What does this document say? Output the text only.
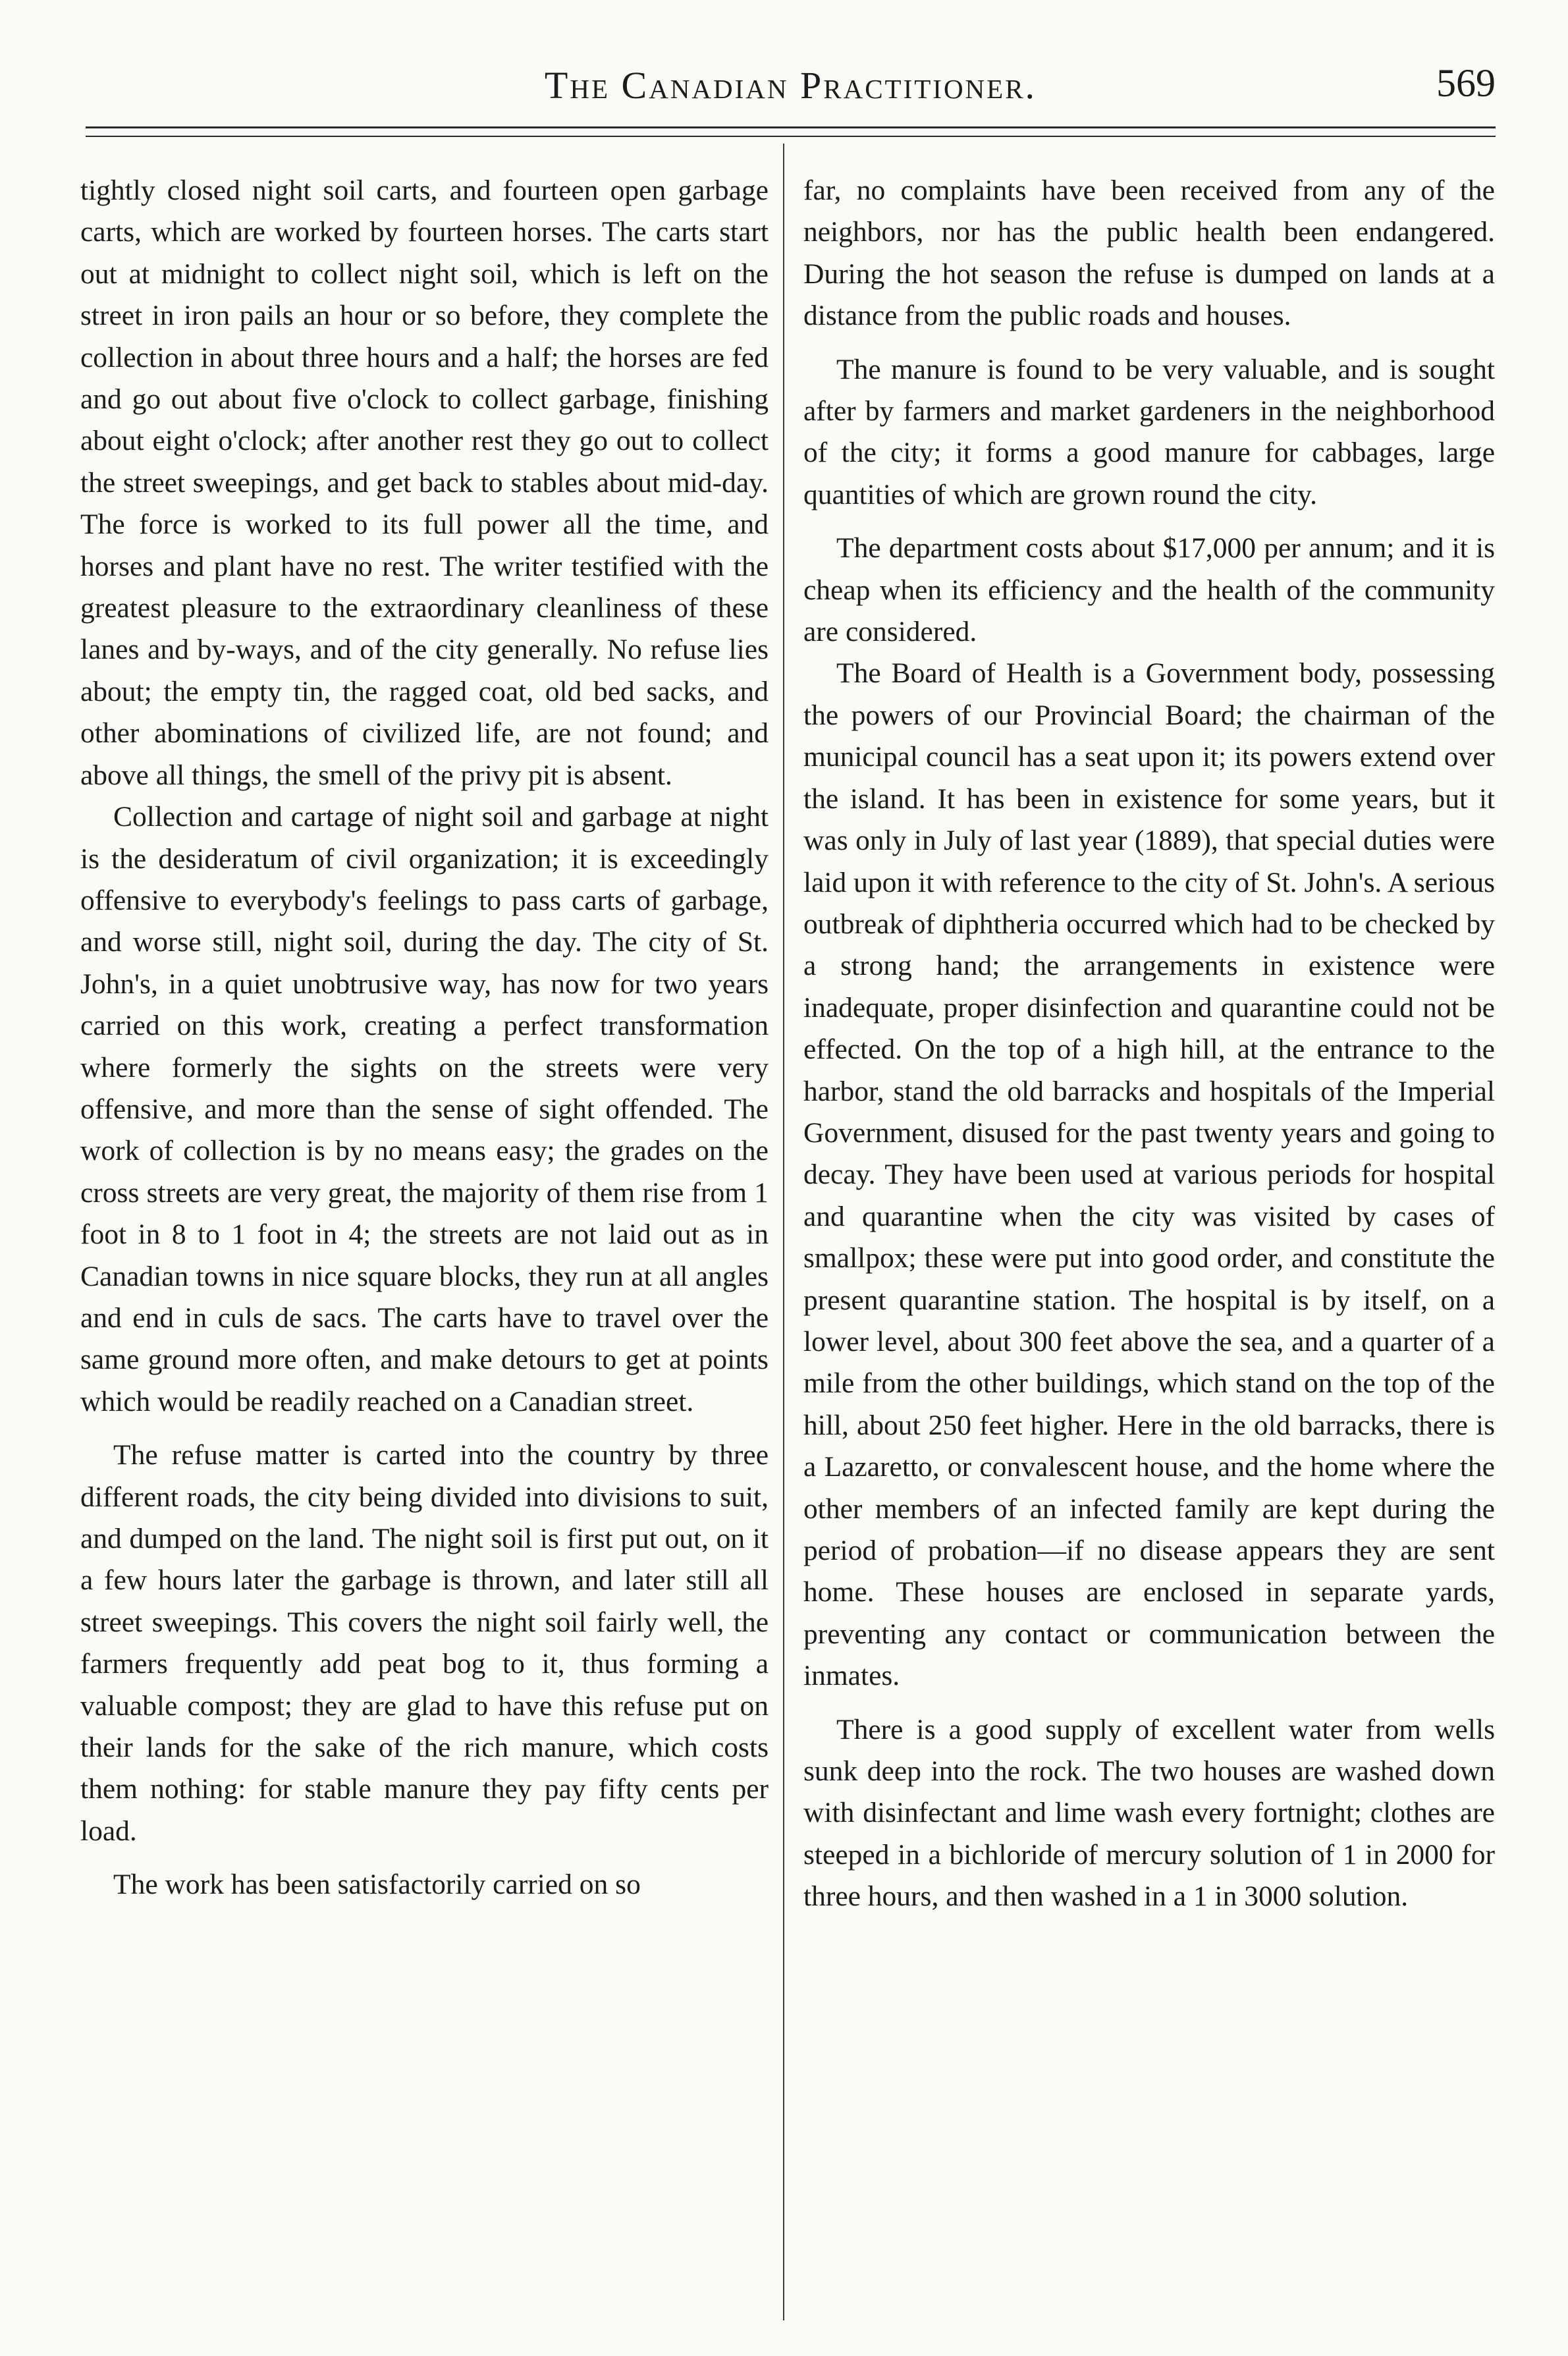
The Canadian Practitioner.	569

tightly closed night soil carts, and fourteen open garbage carts, which are worked by fourteen horses. The carts start out at midnight to collect night soil, which is left on the street in iron pails an hour or so before, they complete the collection in about three hours and a half; the horses are fed and go out about five o'clock to collect garbage, finishing about eight o'clock; after another rest they go out to collect the street sweepings, and get back to stables about mid-day. The force is worked to its full power all the time, and horses and plant have no rest. The writer testified with the greatest pleasure to the extraordinary cleanliness of these lanes and by-ways, and of the city generally. No refuse lies about; the empty tin, the ragged coat, old bed sacks, and other abominations of civilized life, are not found; and above all things, the smell of the privy pit is absent.

Collection and cartage of night soil and garbage at night is the desideratum of civil organization; it is exceedingly offensive to everybody's feelings to pass carts of garbage, and worse still, night soil, during the day. The city of St. John's, in a quiet unobtrusive way, has now for two years carried on this work, creating a perfect transformation where formerly the sights on the streets were very offensive, and more than the sense of sight offended. The work of collection is by no means easy; the grades on the cross streets are very great, the majority of them rise from 1 foot in 8 to 1 foot in 4; the streets are not laid out as in Canadian towns in nice square blocks, they run at all angles and end in culs de sacs. The carts have to travel over the same ground more often, and make detours to get at points which would be readily reached on a Canadian street.

The refuse matter is carted into the country by three different roads, the city being divided into divisions to suit, and dumped on the land. The night soil is first put out, on it a few hours later the garbage is thrown, and later still all street sweepings. This covers the night soil fairly well, the farmers frequently add peat bog to it, thus forming a valuable compost; they are glad to have this refuse put on their lands for the sake of the rich manure, which costs them nothing: for stable manure they pay fifty cents per load.

The work has been satisfactorily carried on so

far, no complaints have been received from any of the neighbors, nor has the public health been endangered. During the hot season the refuse is dumped on lands at a distance from the public roads and houses.

The manure is found to be very valuable, and is sought after by farmers and market gardeners in the neighborhood of the city; it forms a good manure for cabbages, large quantities of which are grown round the city.

The department costs about $17,000 per annum; and it is cheap when its efficiency and the health of the community are considered.

The Board of Health is a Government body, possessing the powers of our Provincial Board; the chairman of the municipal council has a seat upon it; its powers extend over the island. It has been in existence for some years, but it was only in July of last year (1889), that special duties were laid upon it with reference to the city of St. John's. A serious outbreak of diphtheria occurred which had to be checked by a strong hand; the arrangements in existence were inadequate, proper disinfection and quarantine could not be effected. On the top of a high hill, at the entrance to the harbor, stand the old barracks and hospitals of the Imperial Government, disused for the past twenty years and going to decay. They have been used at various periods for hospital and quarantine when the city was visited by cases of smallpox; these were put into good order, and constitute the present quarantine station. The hospital is by itself, on a lower level, about 300 feet above the sea, and a quarter of a mile from the other buildings, which stand on the top of the hill, about 250 feet higher. Here in the old barracks, there is a Lazaretto, or convalescent house, and the home where the other members of an infected family are kept during the period of probation—if no disease appears they are sent home. These houses are enclosed in separate yards, preventing any contact or communication between the inmates.

There is a good supply of excellent water from wells sunk deep into the rock. The two houses are washed down with disinfectant and lime wash every fortnight; clothes are steeped in a bichloride of mercury solution of 1 in 2000 for three hours, and then washed in a 1 in 3000 solution.
